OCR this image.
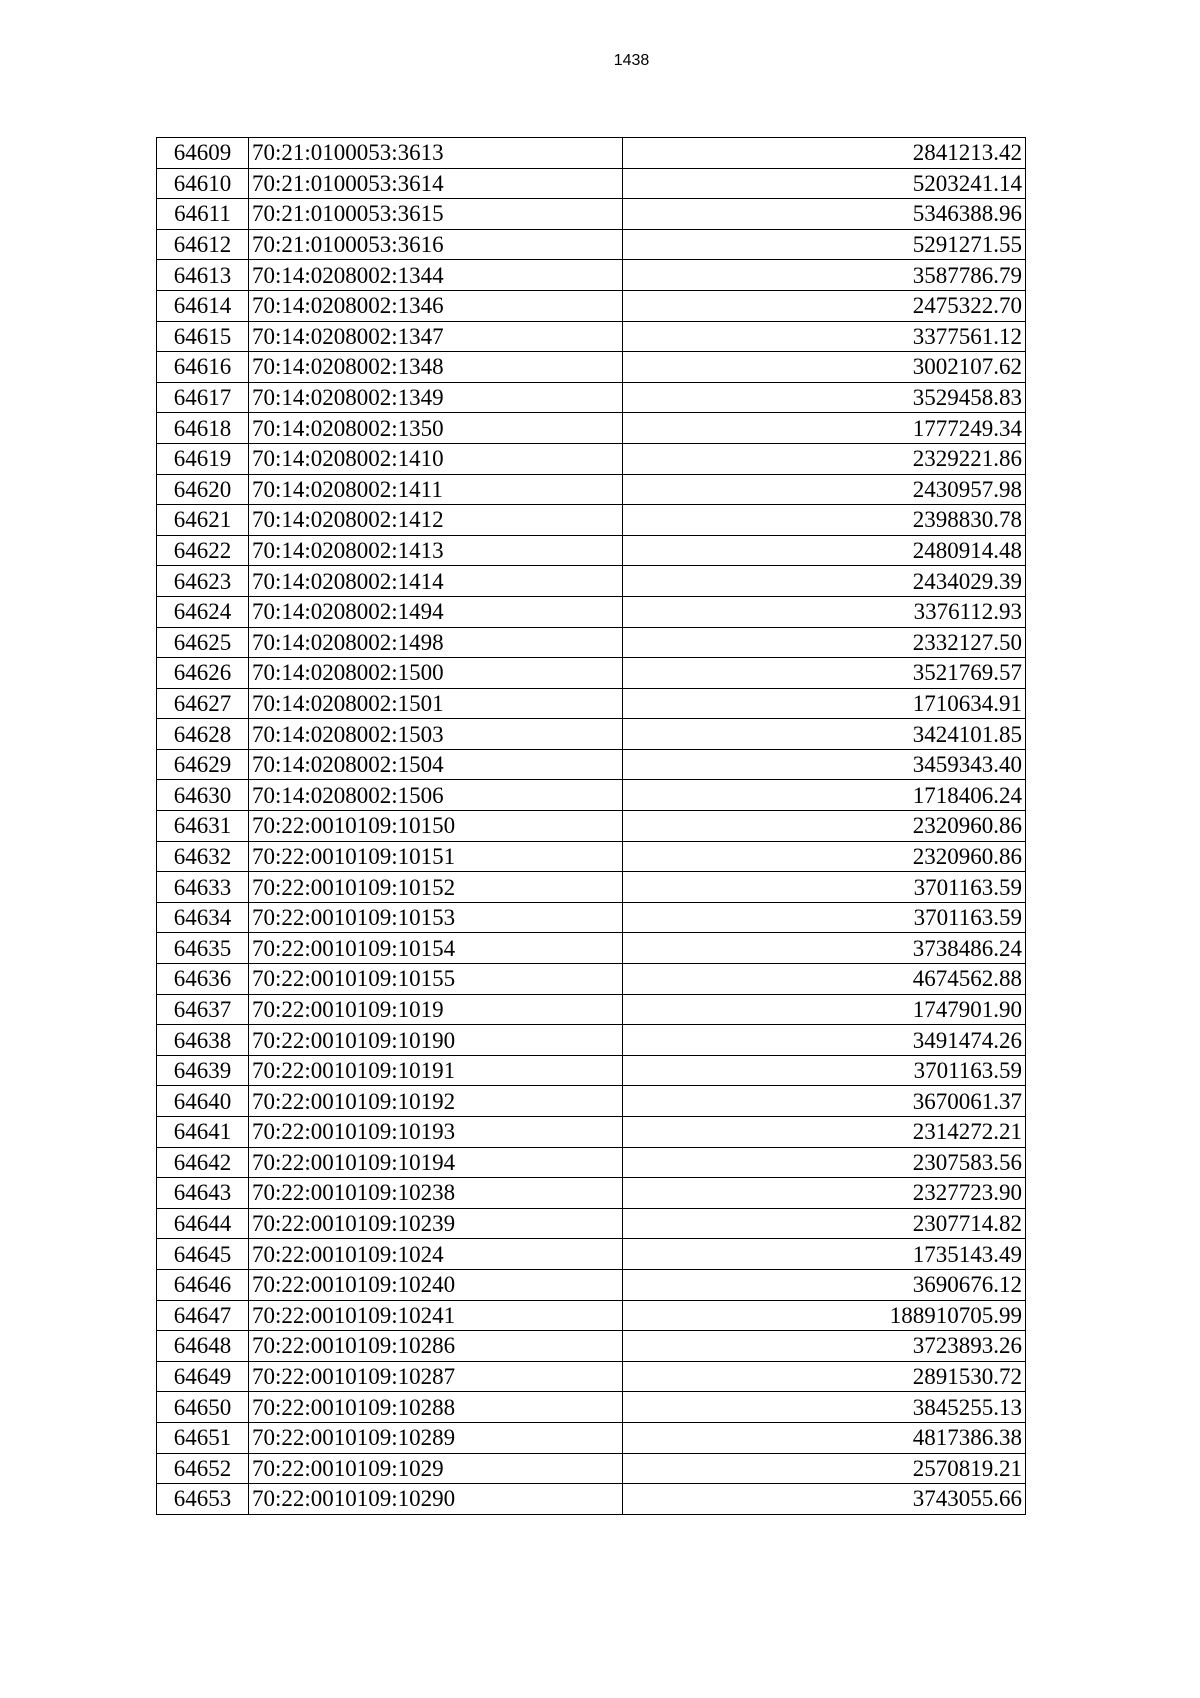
1438
64609	70:21:0100053:3613	2841213.42
64610	70:21:0100053:3614	5203241.14
64611	70:21:0100053:3615	5346388.96
64612	70:21:0100053:3616	5291271.55
64613	70:14:0208002:1344	3587786.79
64614	70:14:0208002:1346	2475322.70
64615	70:14:0208002:1347	3377561.12
64616	70:14:0208002:1348	3002107.62
64617	70:14:0208002:1349	3529458.83
64618	70:14:0208002:1350	1777249.34
64619	70:14:0208002:1410	2329221.86
64620	70:14:0208002:1411	2430957.98
64621	70:14:0208002:1412	2398830.78
64622	70:14:0208002:1413	2480914.48
64623	70:14:0208002:1414	2434029.39
64624	70:14:0208002:1494	3376112.93
64625	70:14:0208002:1498	2332127.50
64626	70:14:0208002:1500	3521769.57
64627	70:14:0208002:1501	1710634.91
64628	70:14:0208002:1503	3424101.85
64629	70:14:0208002:1504	3459343.40
64630	70:14:0208002:1506	1718406.24
64631	70:22:0010109:10150	2320960.86
64632	70:22:0010109:10151	2320960.86
64633	70:22:0010109:10152	3701163.59
64634	70:22:0010109:10153	3701163.59
64635	70:22:0010109:10154	3738486.24
64636	70:22:0010109:10155	4674562.88
64637	70:22:0010109:1019	1747901.90
64638	70:22:0010109:10190	3491474.26
64639	70:22:0010109:10191	3701163.59
64640	70:22:0010109:10192	3670061.37
64641	70:22:0010109:10193	2314272.21
64642	70:22:0010109:10194	2307583.56
64643	70:22:0010109:10238	2327723.90
64644	70:22:0010109:10239	2307714.82
64645	70:22:0010109:1024	1735143.49
64646	70:22:0010109:10240	3690676.12
64647	70:22:0010109:10241	188910705.99
64648	70:22:0010109:10286	3723893.26
64649	70:22:0010109:10287	2891530.72
64650	70:22:0010109:10288	3845255.13
64651	70:22:0010109:10289	4817386.38
64652	70:22:0010109:1029	2570819.21
64653	70:22:0010109:10290	3743055.66
